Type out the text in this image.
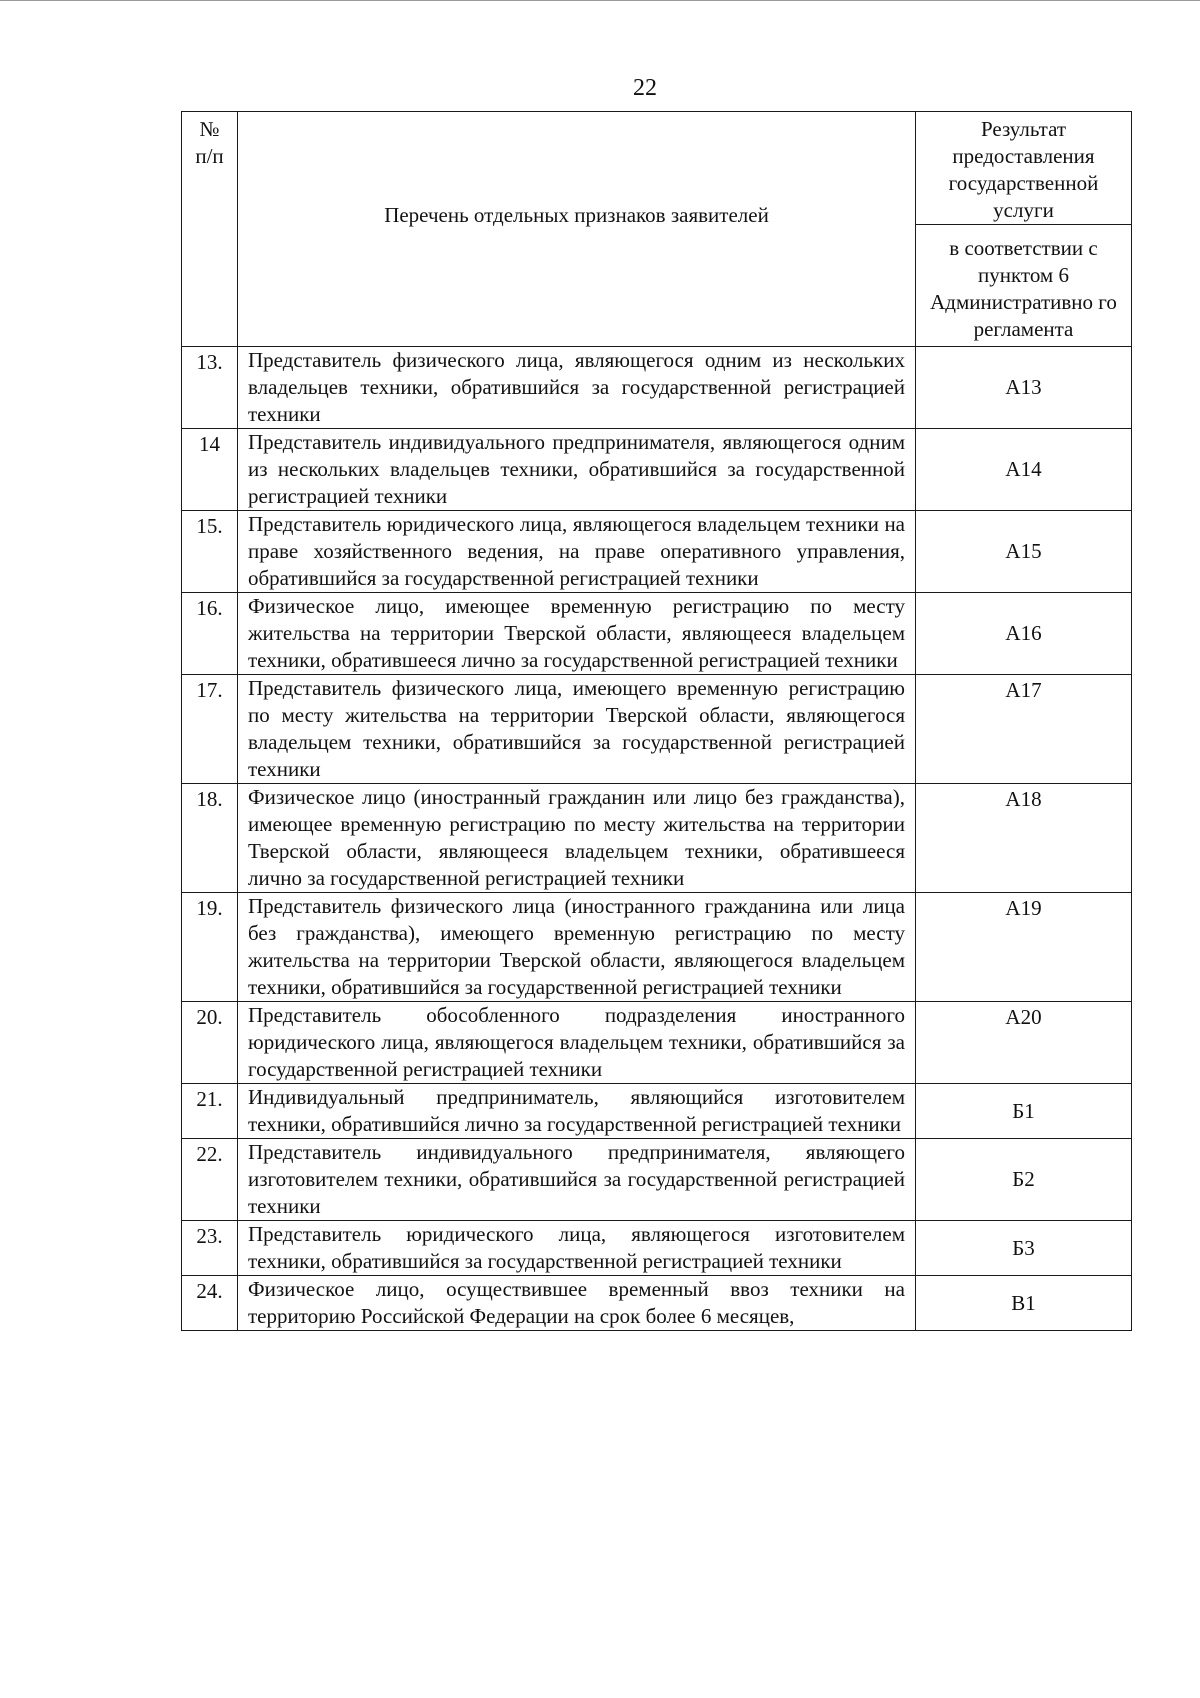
22
№
п/п	Перечень отдельных признаков заявителей	Результат предоставления государственной услуги
		в соответствии с пунктом 6 Административно го регламента
13.	Представитель физического лица, являющегося одним из нескольких владельцев техники, обратившийся за государственной регистрацией техники	А13
14	Представитель индивидуального предпринимателя, являющегося одним из нескольких владельцев техники, обратившийся за государственной регистрацией техники	А14
15.	Представитель юридического лица, являющегося владельцем техники на праве хозяйственного ведения, на праве оперативного управления, обратившийся за государственной регистрацией техники	А15
16.	Физическое лицо, имеющее временную регистрацию по месту жительства на территории Тверской области, являющееся владельцем техники, обратившееся лично за государственной регистрацией техники	А16
17.	Представитель физического лица, имеющего временную регистрацию по месту жительства на территории Тверской области, являющегося владельцем техники, обратившийся за государственной регистрацией техники	А17
18.	Физическое лицо (иностранный гражданин или лицо без гражданства), имеющее временную регистрацию по месту жительства на территории Тверской области, являющееся владельцем техники, обратившееся лично за государственной регистрацией техники	А18
19.	Представитель физического лица (иностранного гражданина или лица без гражданства), имеющего временную регистрацию по месту жительства на территории Тверской области, являющегося владельцем техники, обратившийся за государственной регистрацией техники	А19
20.	Представитель обособленного подразделения иностранного юридического лица, являющегося владельцем техники, обратившийся за государственной регистрацией техники	А20
21.	Индивидуальный предприниматель, являющийся изготовителем техники, обратившийся лично за государственной регистрацией техники	Б1
22.	Представитель индивидуального предпринимателя, являющего изготовителем техники, обратившийся за государственной регистрацией техники	Б2
23.	Представитель юридического лица, являющегося изготовителем техники, обратившийся за государственной регистрацией техники	Б3
24.	Физическое лицо, осуществившее временный ввоз техники на территорию Российской Федерации на срок более 6 месяцев,	В1
